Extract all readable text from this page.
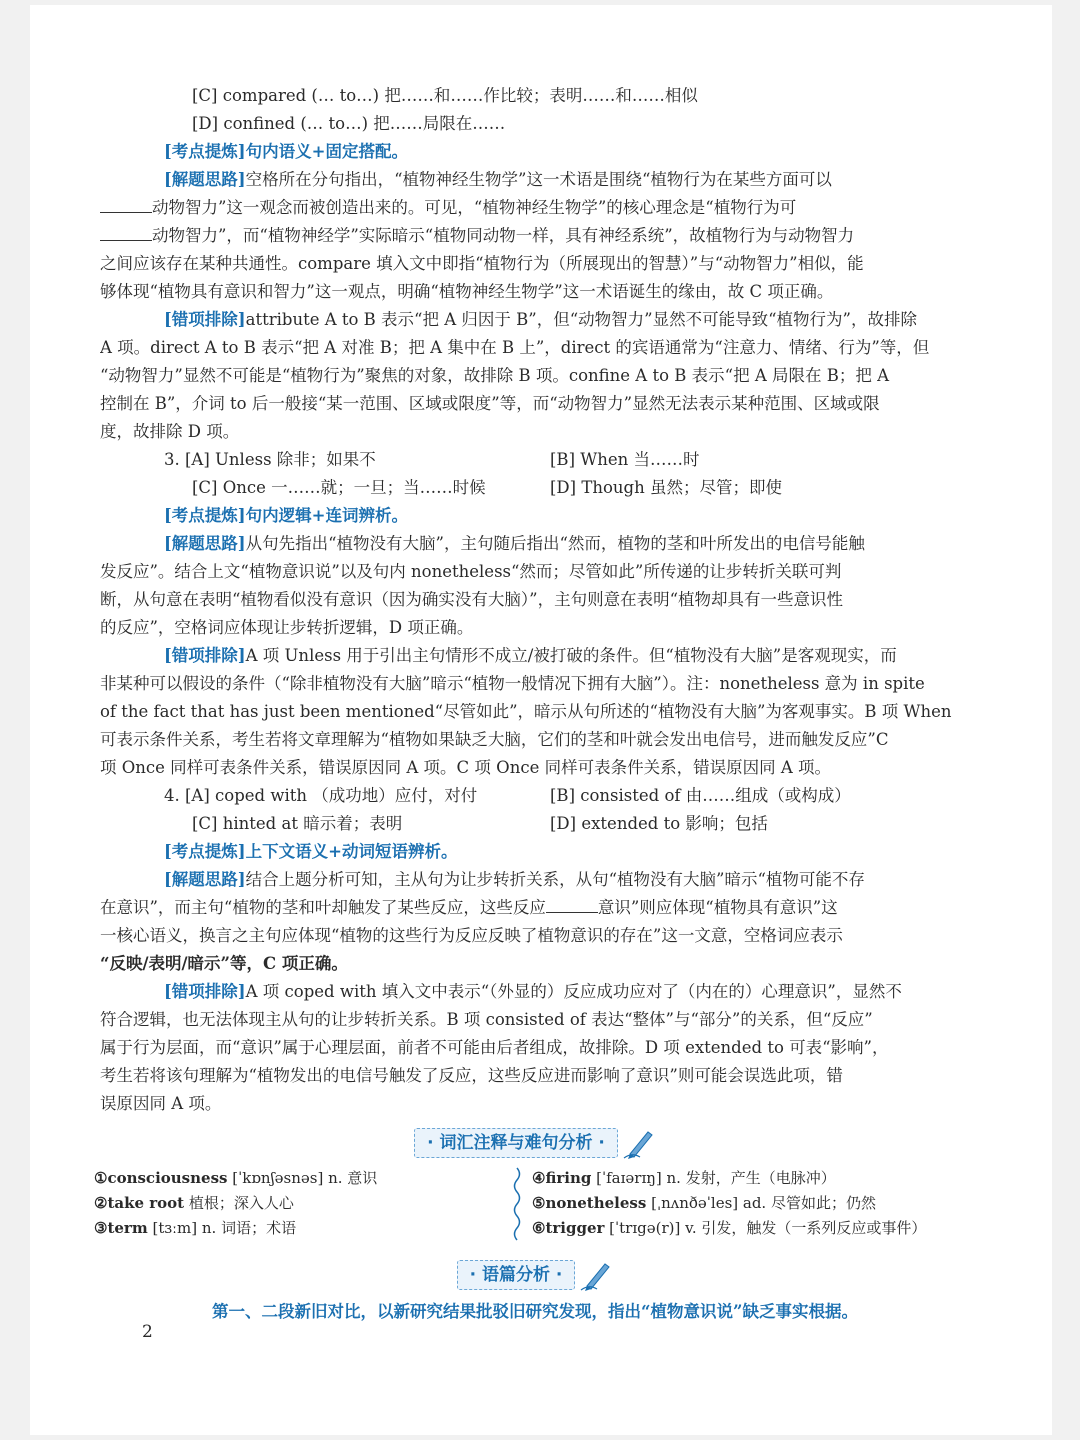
[C] compared (… to…) 把……和……作比较；表明……和……相似
[D] confined (… to…) 把……局限在……
[考点提炼]句内语义+固定搭配。
[解题思路]空格所在分句指出，“植物神经生物学”这一术语是围绕“植物行为在某些方面可以
动物智力”这一观念而被创造出来的。可见，“植物神经生物学”的核心理念是“植物行为可
动物智力”，而“植物神经学”实际暗示“植物同动物一样，具有神经系统”，故植物行为与动物智力
之间应该存在某种共通性。compare 填入文中即指“植物行为（所展现出的智慧）”与“动物智力”相似，能
够体现“植物具有意识和智力”这一观点，明确“植物神经生物学”这一术语诞生的缘由，故 C 项正确。
[错项排除]attribute A to B 表示“把 A 归因于 B”，但“动物智力”显然不可能导致“植物行为”，故排除
A 项。direct A to B 表示“把 A 对准 B；把 A 集中在 B 上”，direct 的宾语通常为“注意力、情绪、行为”等，但
“动物智力”显然不可能是“植物行为”聚焦的对象，故排除 B 项。confine A to B 表示“把 A 局限在 B；把 A
控制在 B”，介词 to 后一般接“某一范围、区域或限度”等，而“动物智力”显然无法表示某种范围、区域或限
度，故排除 D 项。
3. [A] Unless 除非；如果不	[B] When 当……时
[C] Once 一……就；一旦；当……时候	[D] Though 虽然；尽管；即使
[考点提炼]句内逻辑+连词辨析。
[解题思路]从句先指出“植物没有大脑”，主句随后指出“然而，植物的茎和叶所发出的电信号能触
发反应”。结合上文“植物意识说”以及句内 nonetheless“然而；尽管如此”所传递的让步转折关联可判
断，从句意在表明“植物看似没有意识（因为确实没有大脑）”，主句则意在表明“植物却具有一些意识性
的反应”，空格词应体现让步转折逻辑，D 项正确。
[错项排除]A 项 Unless 用于引出主句情形不成立/被打破的条件。但“植物没有大脑”是客观现实，而
非某种可以假设的条件（“除非植物没有大脑”暗示“植物一般情况下拥有大脑”）。注：nonetheless 意为 in spite
of the fact that has just been mentioned“尽管如此”，暗示从句所述的“植物没有大脑”为客观事实。B 项 When
可表示条件关系，考生若将文章理解为“植物如果缺乏大脑，它们的茎和叶就会发出电信号，进而触发反应”C
项 Once 同样可表条件关系，错误原因同 A 项。C 项 Once 同样可表条件关系，错误原因同 A 项。
4. [A] coped with （成功地）应付，对付	[B] consisted of 由……组成（或构成）
[C] hinted at 暗示着；表明	[D] extended to 影响；包括
[考点提炼]上下文语义+动词短语辨析。
[解题思路]结合上题分析可知，主从句为让步转折关系，从句“植物没有大脑”暗示“植物可能不存
在意识”，而主句“植物的茎和叶却触发了某些反应，这些反应	意识”则应体现“植物具有意识”这
一核心语义，换言之主句应体现“植物的这些行为反应反映了植物意识的存在”这一文意，空格词应表示
“反映/表明/暗示”等，C 项正确。
[错项排除]A 项 coped with 填入文中表示“（外显的）反应成功应对了（内在的）心理意识”，显然不
符合逻辑，也无法体现主从句的让步转折关系。B 项 consisted of 表达“整体”与“部分”的关系，但“反应”
属于行为层面，而“意识”属于心理层面，前者不可能由后者组成，故排除。D 项 extended to 可表“影响”，
考生若将该句理解为“植物发出的电信号触发了反应，这些反应进而影响了意识”则可能会误选此项，错
误原因同 A 项。
· 词汇注释与难句分析 ·
①consciousness [ˈkɒnʃəsnəs] n. 意识
②take root 植根；深入人心
③term [tɜːm] n. 词语；术语
④firing [ˈfaɪərɪŋ] n. 发射，产生（电脉冲）
⑤nonetheless [ˌnʌnðəˈles] ad. 尽管如此；仍然
⑥trigger [ˈtrɪgə(r)] v. 引发，触发（一系列反应或事件）
· 语篇分析 ·
第一、二段新旧对比，以新研究结果批驳旧研究发现，指出“植物意识说”缺乏事实根据。
2
